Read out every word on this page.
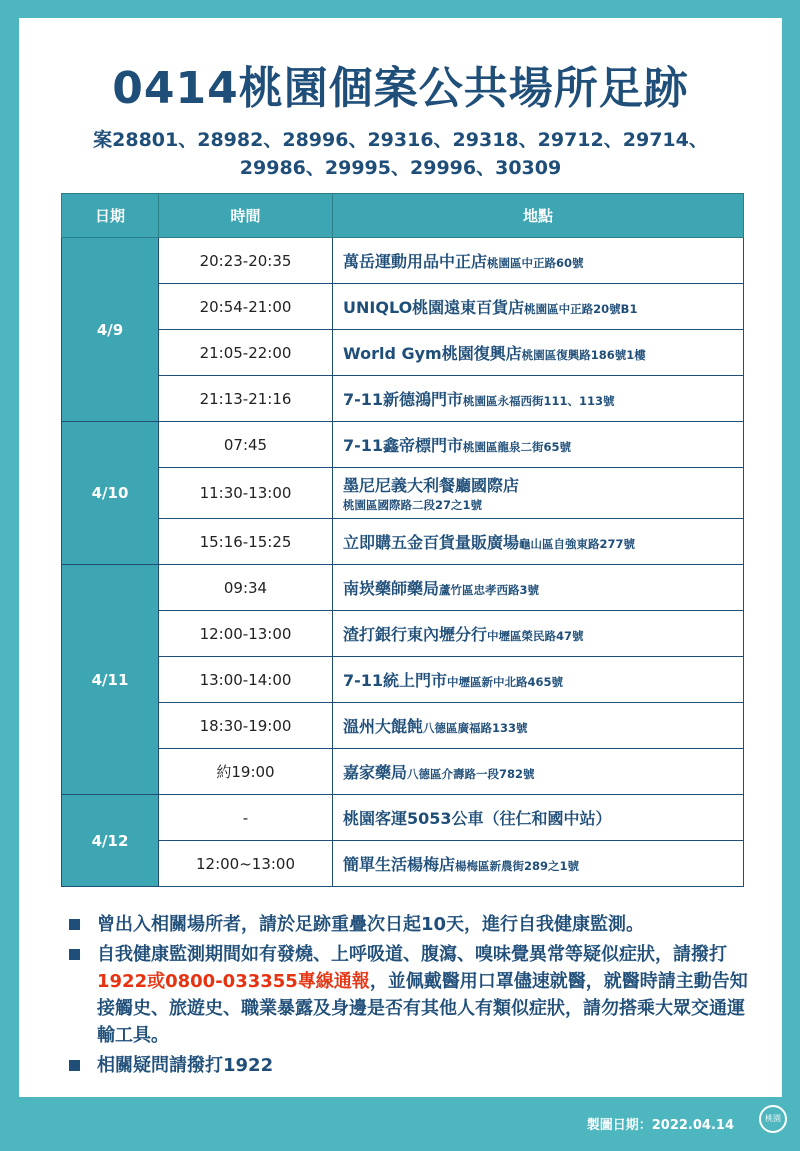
0414桃園個案公共場所足跡
案28801、28982、28996、29316、29318、29712、29714、
29986、29995、29996、30309
日期	時間	地點
4/9	20:23-20:35	萬岳運動用品中正店桃園區中正路60號
	20:54-21:00	UNIQLO桃園遠東百貨店桃園區中正路20號B1
	21:05-22:00	World Gym桃園復興店桃園區復興路186號1樓
	21:13-21:16	7-11新德鴻門市桃園區永福西街111、113號
4/10	07:45	7-11鑫帝標門市桃園區龍泉二街65號
	11:30-13:00	墨尼尼義大利餐廳國際店
桃園區國際路二段27之1號

	15:16-15:25	立即購五金百貨量販廣場龜山區自強東路277號
4/11	09:34	南崁藥師藥局蘆竹區忠孝西路3號
	12:00-13:00	渣打銀行東內壢分行中壢區榮民路47號
	13:00-14:00	7-11統上門市中壢區新中北路465號
	18:30-19:00	溫州大餛飩八德區廣福路133號
	約19:00	嘉家藥局八德區介壽路一段782號
4/12	-	桃園客運5053公車（往仁和國中站）
	12:00~13:00	簡單生活楊梅店楊梅區新農街289之1號
曾出入相關場所者，請於足跡重疊次日起10天，進行自我健康監測。
自我健康監測期間如有發燒、上呼吸道、腹瀉、嗅味覺異常等疑似症狀，請撥打1922或0800-033355專線通報，並佩戴醫用口罩儘速就醫，就醫時請主動告知接觸史、旅遊史、職業暴露及身邊是否有其他人有類似症狀，請勿搭乘大眾交通運輸工具。
相關疑問請撥打1922
製圖日期：2022.04.14	桃園
